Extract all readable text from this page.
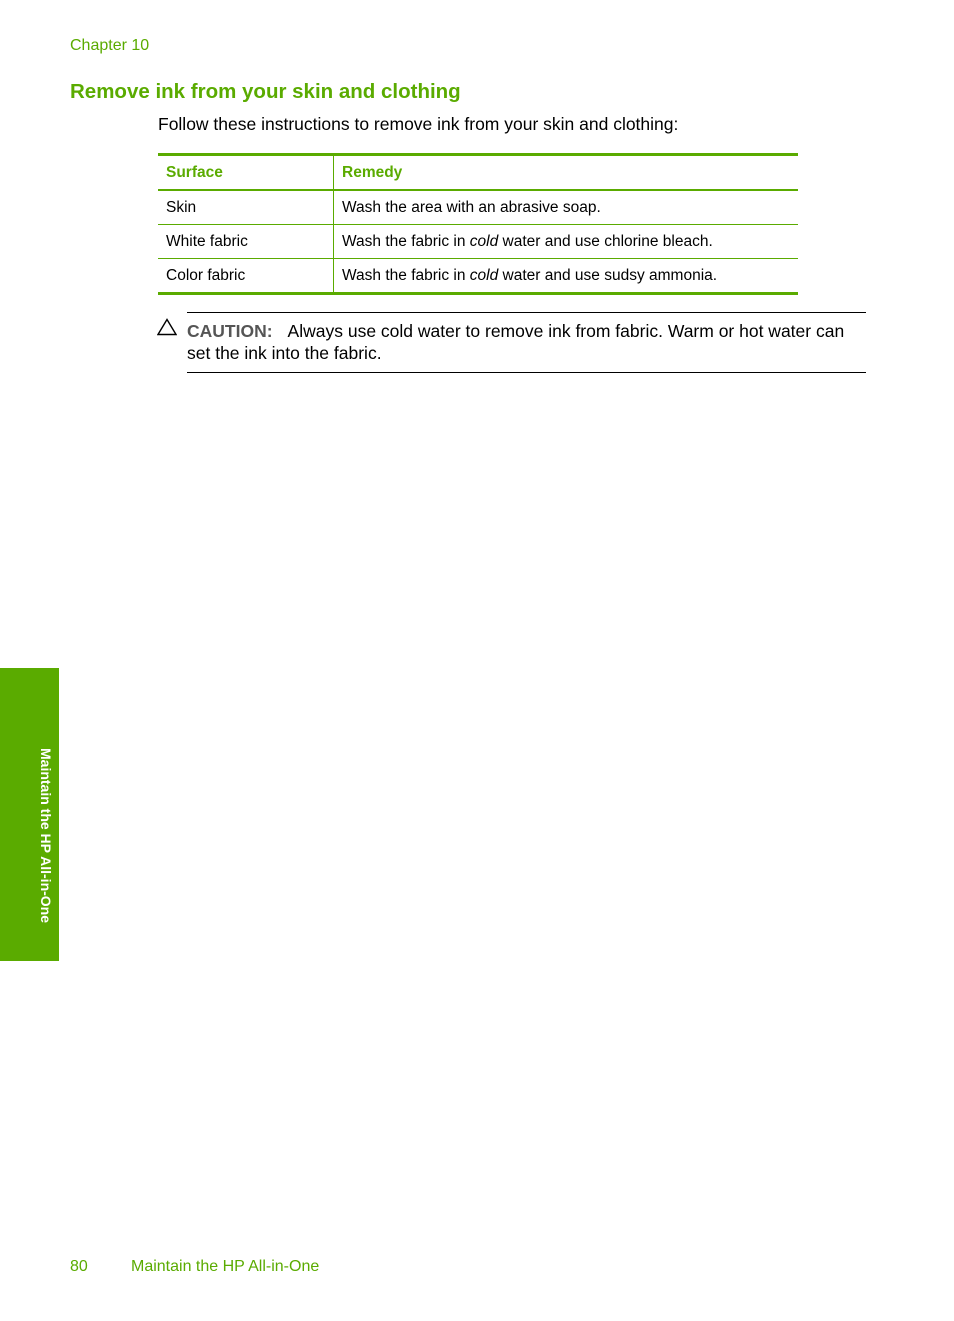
Chapter 10
Remove ink from your skin and clothing
Follow these instructions to remove ink from your skin and clothing:
Surface	Remedy
Skin	Wash the area with an abrasive soap.
White fabric	Wash the fabric in cold water and use chlorine bleach.
Color fabric	Wash the fabric in cold water and use sudsy ammonia.
CAUTION: Always use cold water to remove ink from fabric. Warm or hot water can set the ink into the fabric.
Maintain the HP All-in-One
80	Maintain the HP All-in-One
